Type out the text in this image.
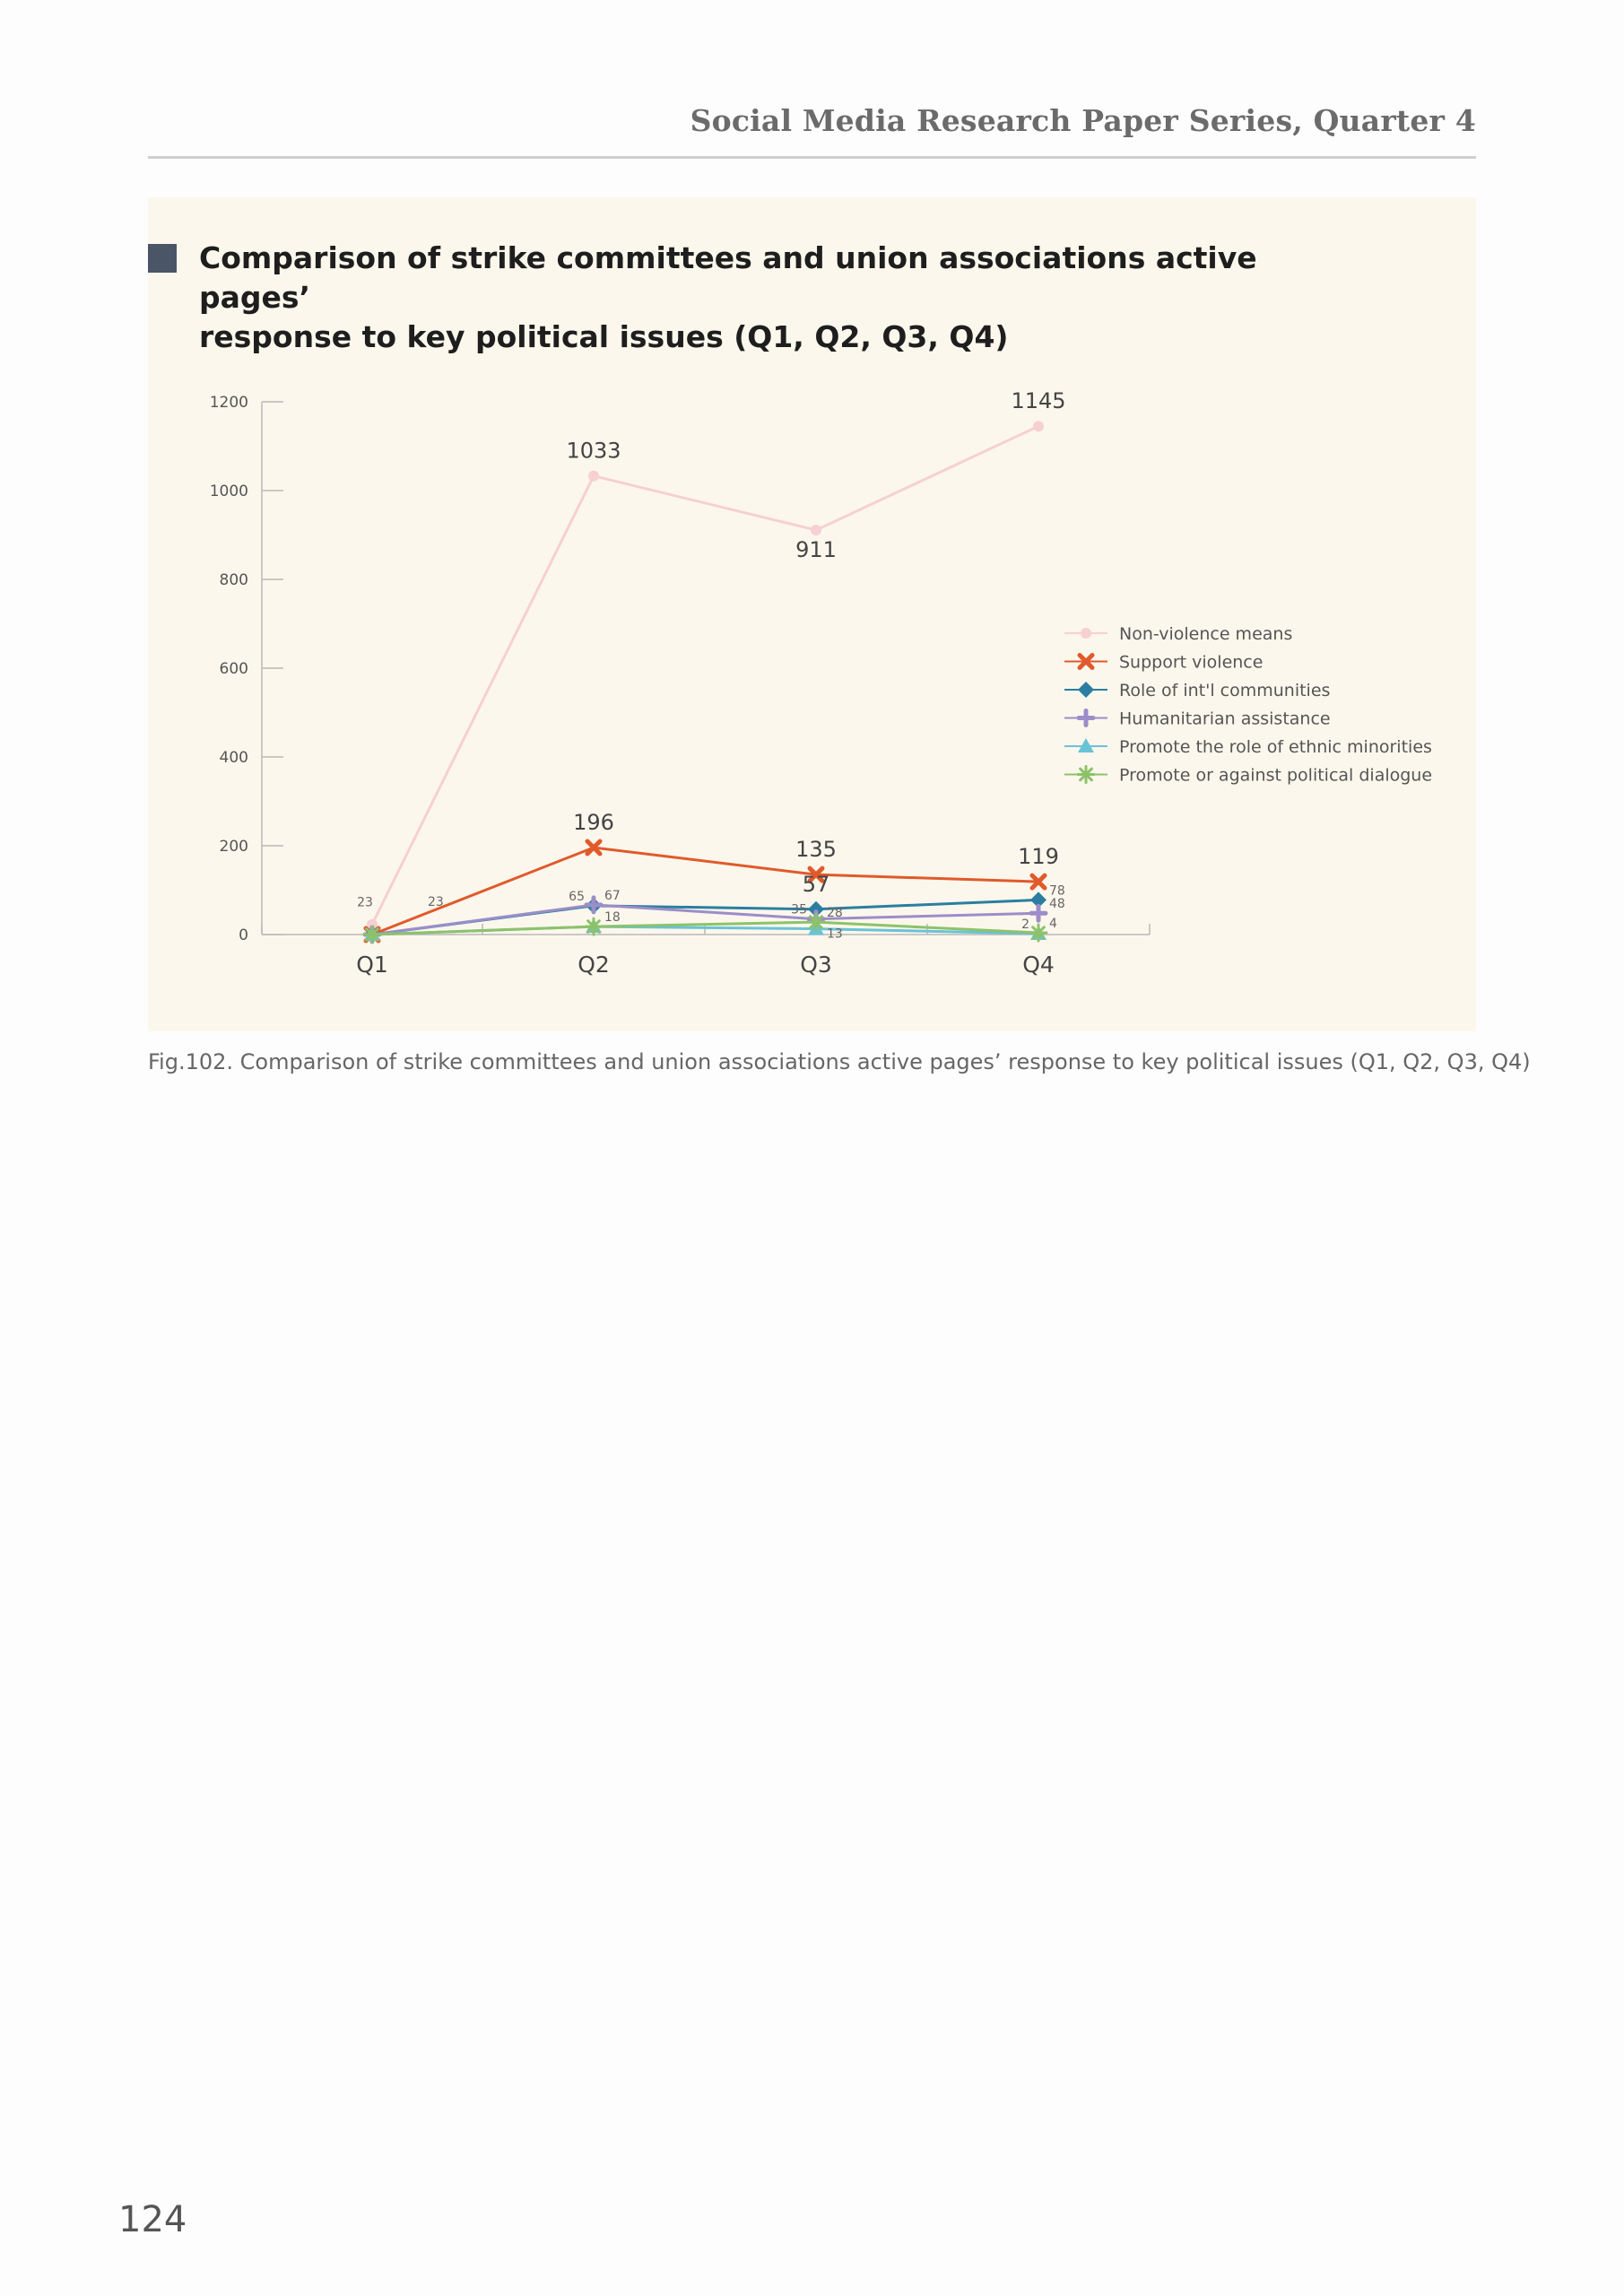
Social Media Research Paper Series, Quarter 4
Comparison of strike committees and union associations active pages’
response to key political issues (Q1, Q2, Q3, Q4)
0
200
400
600
800
1000
1200
Q1	Q2	Q3	Q4
23
1033
911
1145
196
135	119
65
57	78
67
35	48
18
13
2
23
28
4
Non-violence means
Support violence
Role of int'l communities
Humanitarian assistance
Promote the role of ethnic minorities
Promote or against political dialogue
Fig.102. Comparison of strike committees and union associations active pages’ response to key political issues (Q1, Q2, Q3, Q4)
124
